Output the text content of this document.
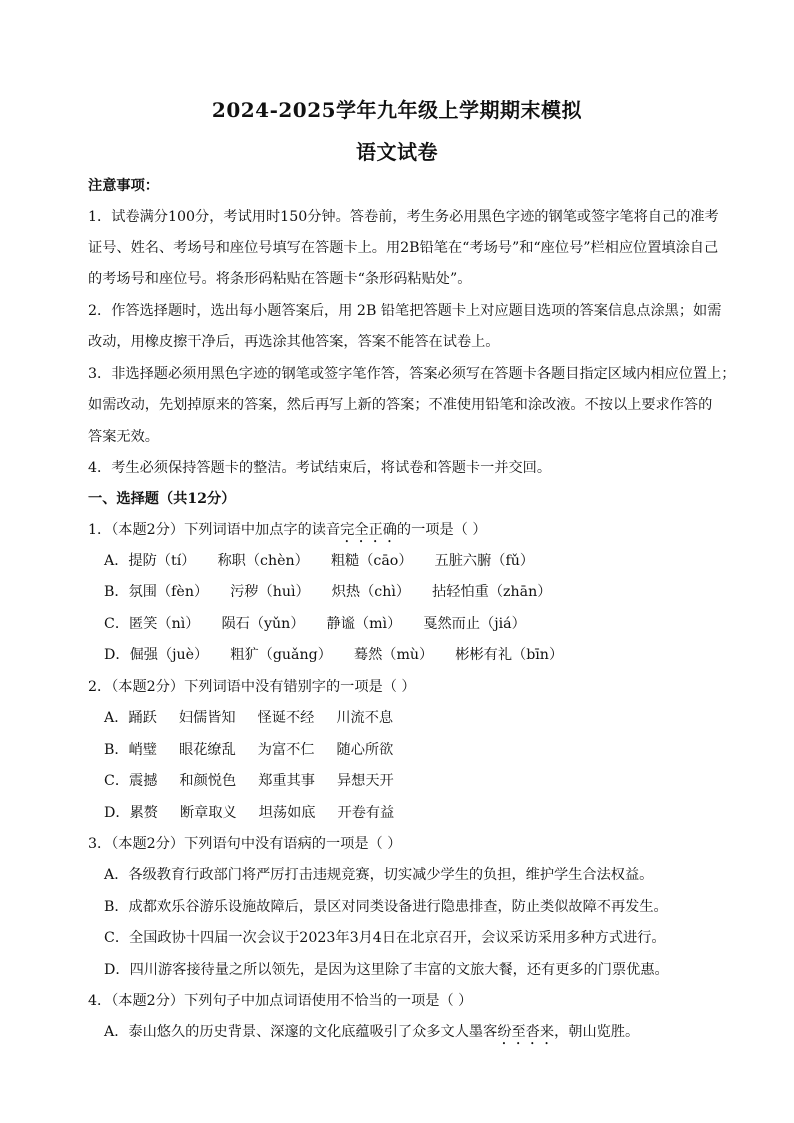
2024-2025学年九年级上学期期末模拟
语文试卷
注意事项：
1．试卷满分100分，考试用时150分钟。答卷前，考生务必用黑色字迹的钢笔或签字笔将自己的准考
证号、姓名、考场号和座位号填写在答题卡上。用2B铅笔在“考场号”和“座位号”栏相应位置填涂自己
的考场号和座位号。将条形码粘贴在答题卡“条形码粘贴处”。
2．作答选择题时，选出每小题答案后，用 2B 铅笔把答题卡上对应题目选项的答案信息点涂黑；如需
改动，用橡皮擦干净后，再选涂其他答案，答案不能答在试卷上。
3．非选择题必须用黑色字迹的钢笔或签字笔作答，答案必须写在答题卡各题目指定区域内相应位置上；
如需改动，先划掉原来的答案，然后再写上新的答案；不准使用铅笔和涂改液。不按以上要求作答的
答案无效。
4．考生必须保持答题卡的整洁。考试结束后，将试卷和答题卡一并交回。
一、选择题（共12分）
1．（本题2分）下列词语中加点字的读音完全正确的一项是（ ）
A．提防（tí） 称职（chèn） 粗糙（cāo） 五脏六腑（fǔ）
B．氛围（fèn） 污秽（huì） 炽热（chì） 拈轻怕重（zhān）
C．匿笑（nì） 陨石（yǔn） 静谧（mì） 戛然而止（jiá）
D．倔强（juè） 粗犷（guǎng） 蓦然（mù） 彬彬有礼（bīn）
2．（本题2分）下列词语中没有错别字的一项是（ ）
A．踊跃 妇儒皆知 怪诞不经 川流不息
B．峭璧 眼花缭乱 为富不仁 随心所欲
C．震撼 和颜悦色 郑重其事 异想天开
D．累赘 断章取义 坦荡如底 开卷有益
3．（本题2分）下列语句中没有语病的一项是（ ）
A．各级教育行政部门将严厉打击违规竞赛，切实减少学生的负担，维护学生合法权益。
B．成都欢乐谷游乐设施故障后，景区对同类设备进行隐患排查，防止类似故障不再发生。
C．全国政协十四届一次会议于2023年3月4日在北京召开，会议采访采用多种方式进行。
D．四川游客接待量之所以领先，是因为这里除了丰富的文旅大餐，还有更多的门票优惠。
4．（本题2分）下列句子中加点词语使用不恰当的一项是（ ）
A．泰山悠久的历史背景、深邃的文化底蕴吸引了众多文人墨客纷至沓来，朝山览胜。
